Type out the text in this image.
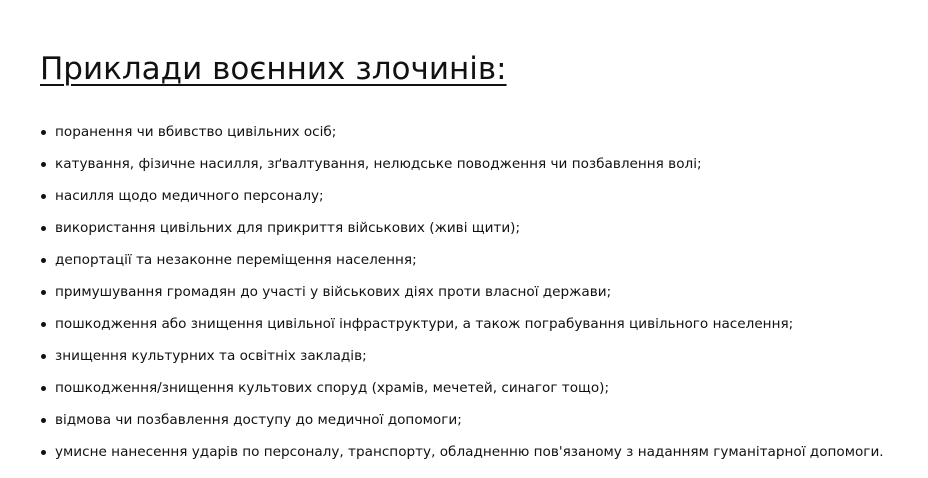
Приклади воєнних злочинів:
поранення чи вбивство цивільних осіб;
катування, фізичне насилля, зґвалтування, нелюдське поводження чи позбавлення волі;
насилля щодо медичного персоналу;
використання цивільних для прикриття військових (живі щити);
депортації та незаконне переміщення населення;
примушування громадян до участі у військових діях проти власної держави;
пошкодження або знищення цивільної інфраструктури, а також пограбування цивільного населення;
знищення культурних та освітніх закладів;
пошкодження/знищення культових споруд (храмів, мечетей, синагог тощо);
відмова чи позбавлення доступу до медичної допомоги;
умисне нанесення ударів по персоналу, транспорту, обладненню пов'язаному з наданням гуманітарної допомоги.
